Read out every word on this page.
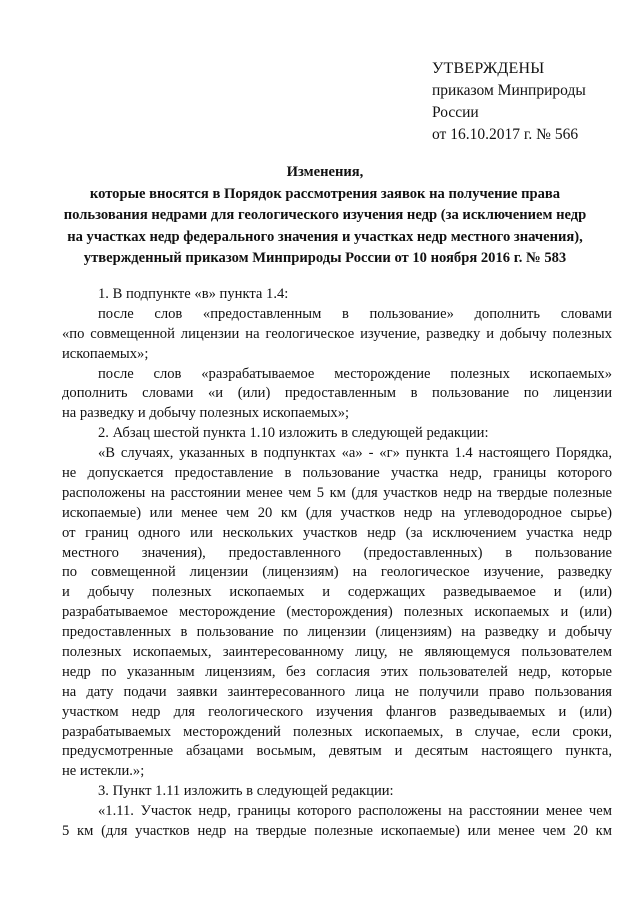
УТВЕРЖДЕНЫ
приказом Минприроды
России
от 16.10.2017 г. № 566
Изменения,
которые вносятся в Порядок рассмотрения заявок на получение права
пользования недрами для геологического изучения недр (за исключением недр
на участках недр федерального значения и участках недр местного значения),
утвержденный приказом Минприроды России от 10 ноября 2016 г. № 583
1. В подпункте «в» пункта 1.4:
после слов «предоставленным в пользование» дополнить словами
«по совмещенной лицензии на геологическое изучение, разведку и добычу полезных
ископаемых»;
после слов «разрабатываемое месторождение полезных ископаемых»
дополнить словами «и (или) предоставленным в пользование по лицензии
на разведку и добычу полезных ископаемых»;
2. Абзац шестой пункта 1.10 изложить в следующей редакции:
«В случаях, указанных в подпунктах «а» - «г» пункта 1.4 настоящего Порядка,
не допускается предоставление в пользование участка недр, границы которого
расположены на расстоянии менее чем 5 км (для участков недр на твердые полезные
ископаемые) или менее чем 20 км (для участков недр на углеводородное сырье)
от границ одного или нескольких участков недр (за исключением участка недр
местного значения), предоставленного (предоставленных) в пользование
по совмещенной лицензии (лицензиям) на геологическое изучение, разведку
и добычу полезных ископаемых и содержащих разведываемое и (или)
разрабатываемое месторождение (месторождения) полезных ископаемых и (или)
предоставленных в пользование по лицензии (лицензиям) на разведку и добычу
полезных ископаемых, заинтересованному лицу, не являющемуся пользователем
недр по указанным лицензиям, без согласия этих пользователей недр, которые
на дату подачи заявки заинтересованного лица не получили право пользования
участком недр для геологического изучения флангов разведываемых и (или)
разрабатываемых месторождений полезных ископаемых, в случае, если сроки,
предусмотренные абзацами восьмым, девятым и десятым настоящего пункта,
не истекли.»;
3. Пункт 1.11 изложить в следующей редакции:
«1.11. Участок недр, границы которого расположены на расстоянии менее чем
5 км (для участков недр на твердые полезные ископаемые) или менее чем 20 км
